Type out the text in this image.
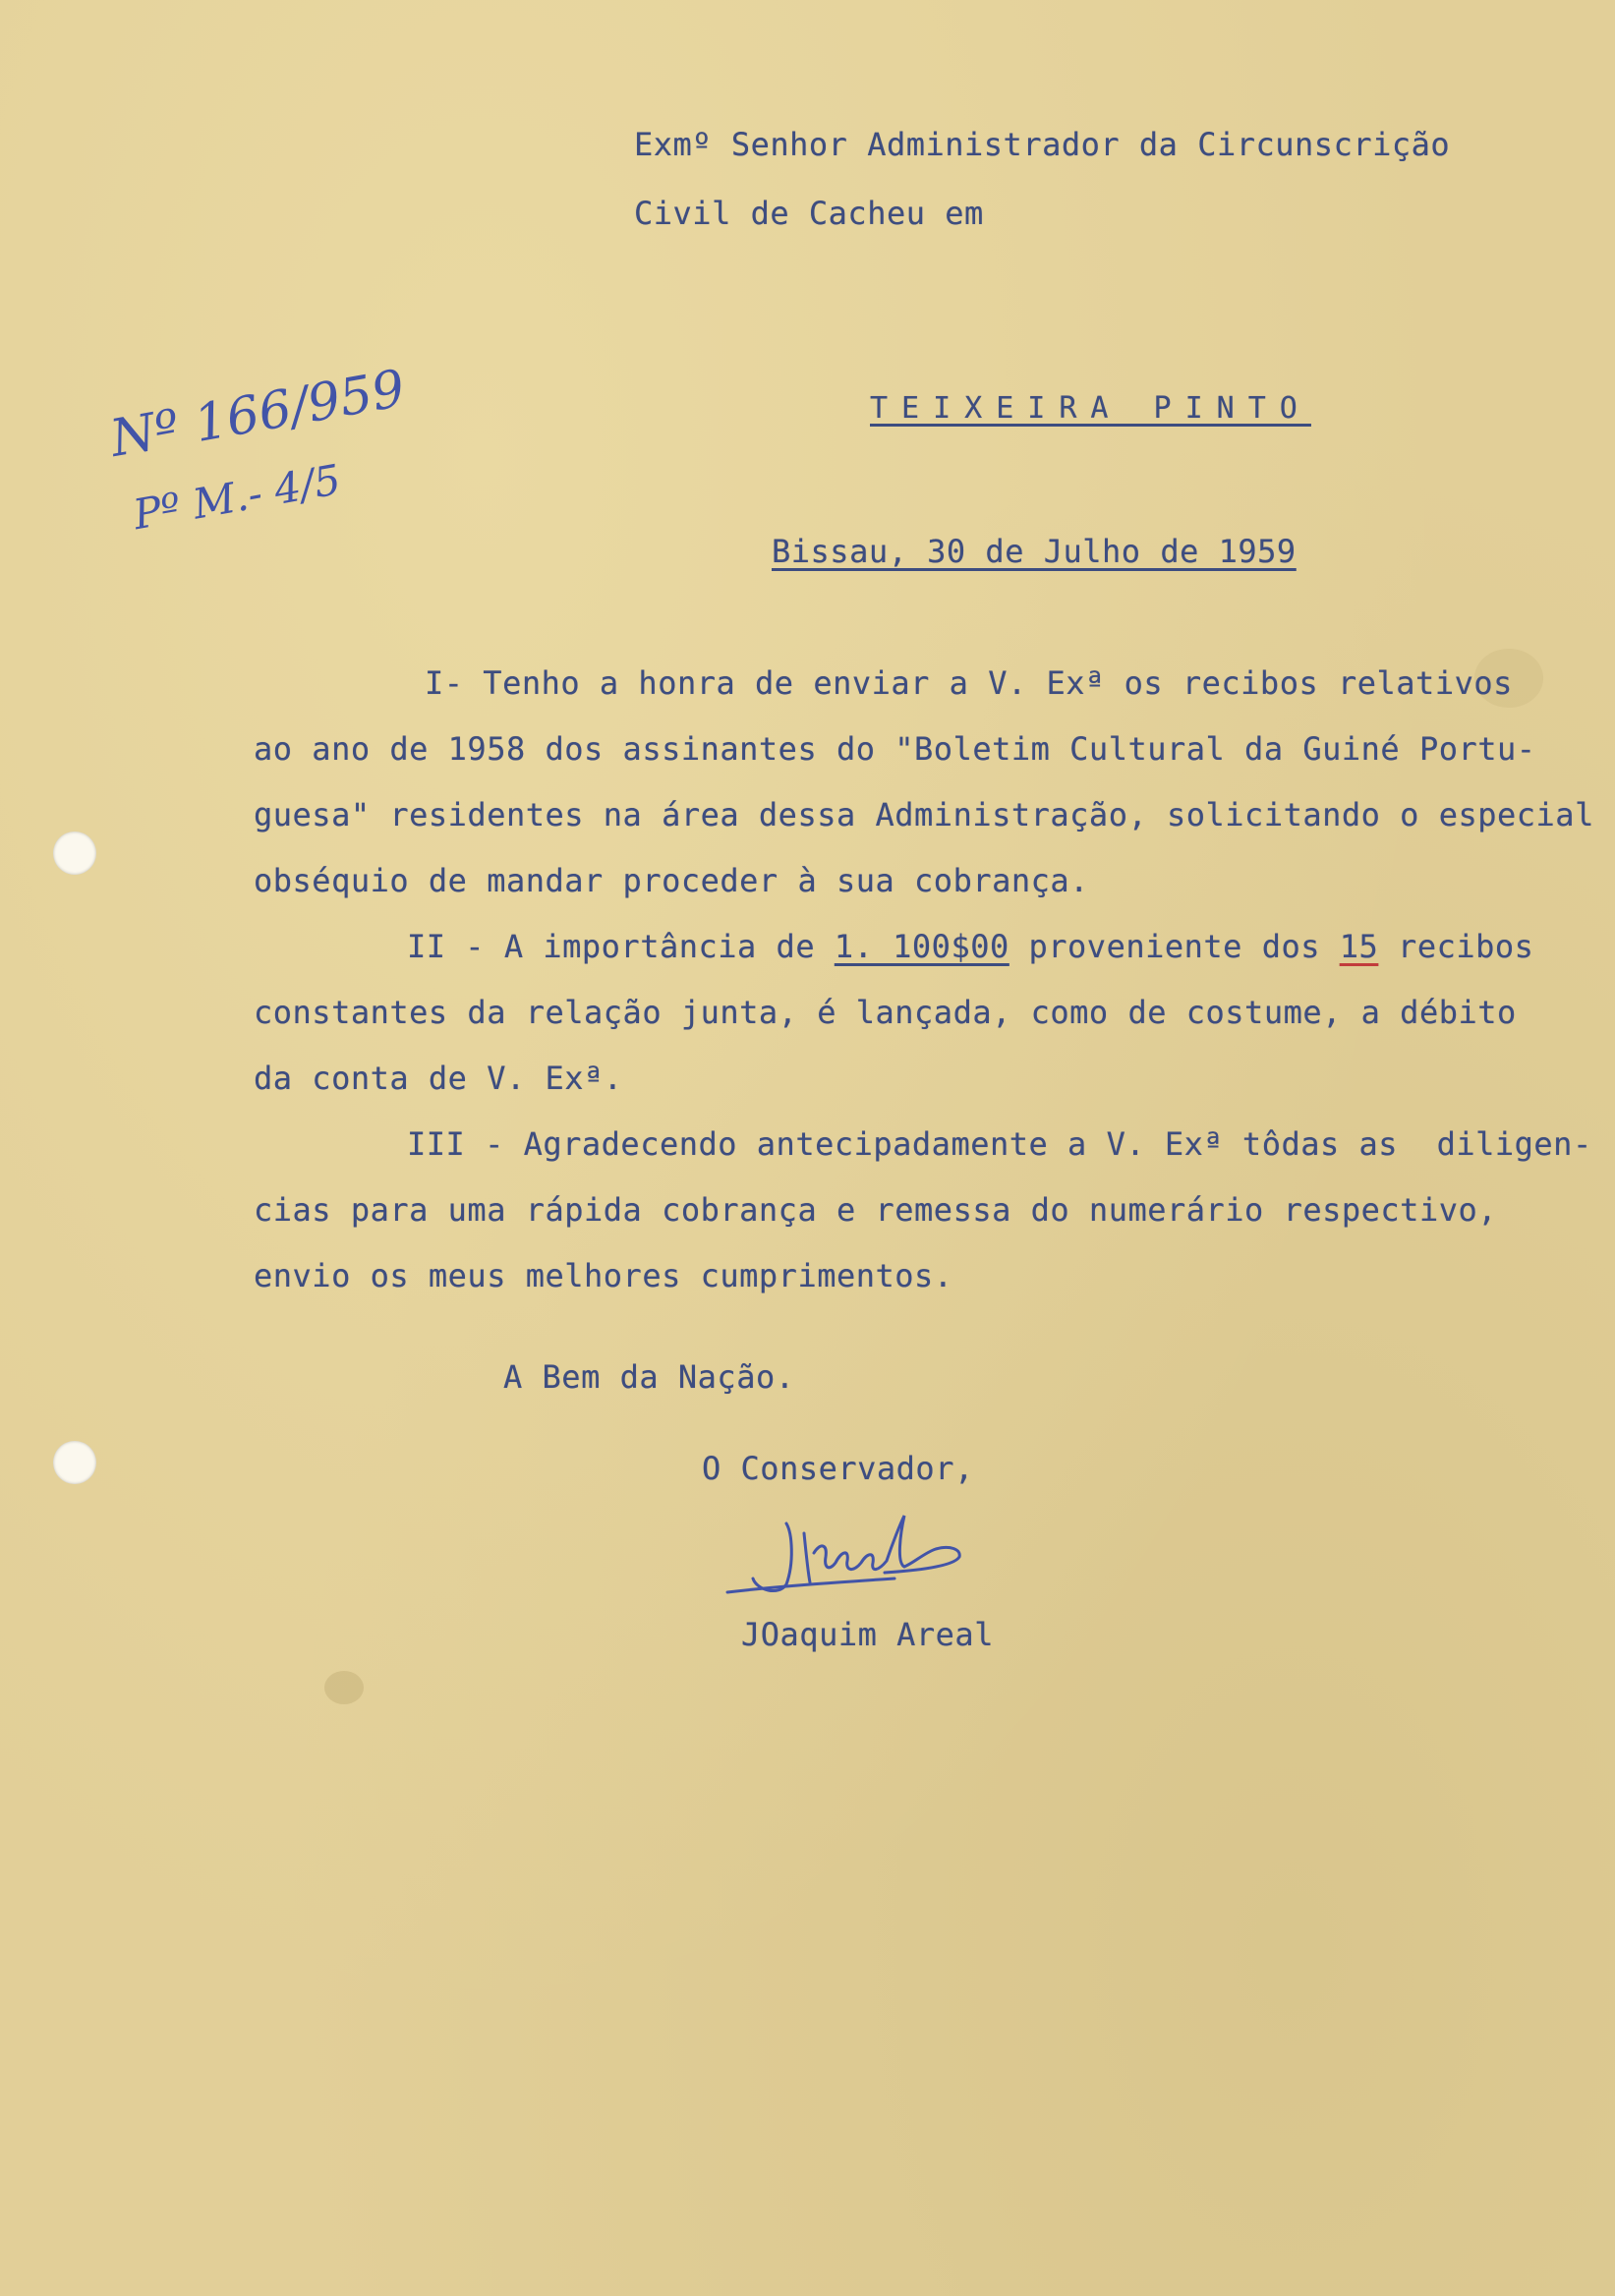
Exmº Senhor Administrador da Circunscrição
Civil de Cacheu em
TEIXEIRA PINTO
Nº 166/959
Pº M.- 4/5
Bissau, 30 de Julho de 1959
I- Tenho a honra de enviar a V. Exª os recibos relativos
ao ano de 1958 dos assinantes do "Boletim Cultural da Guiné Portu-
guesa" residentes na área dessa Administração, solicitando o especial
obséquio de mandar proceder à sua cobrança.
II - A importância de 1. 100$00 proveniente dos 15 recibos
constantes da relação junta, é lançada, como de costume, a débito
da conta de V. Exª.
III - Agradecendo antecipadamente a V. Exª tôdas as  diligen-
cias para uma rápida cobrança e remessa do numerário respectivo,
envio os meus melhores cumprimentos.
A Bem da Nação.
O Conservador,
JOaquim Areal
